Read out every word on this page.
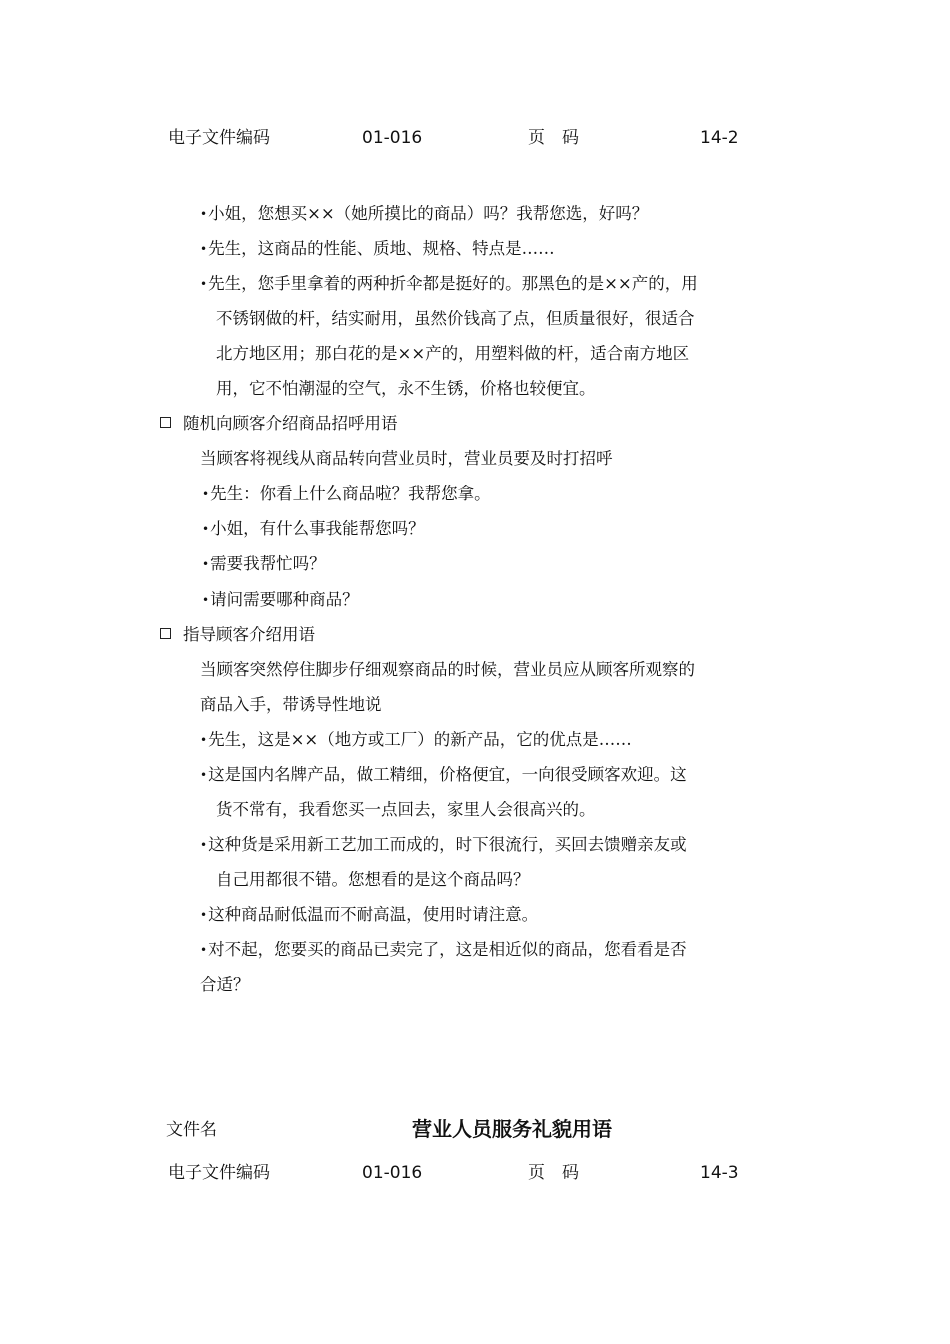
电子文件编码	01-016	页　码	14-2
•小姐，您想买××（她所摸比的商品）吗？我帮您选，好吗？
•先生，这商品的性能、质地、规格、特点是……
•先生，您手里拿着的两种折伞都是挺好的。那黑色的是××产的，用
不锈钢做的杆，结实耐用，虽然价钱高了点，但质量很好，很适合
北方地区用；那白花的是××产的，用塑料做的杆，适合南方地区
用，它不怕潮湿的空气，永不生锈，价格也较便宜。
随机向顾客介绍商品招呼用语
当顾客将视线从商品转向营业员时，营业员要及时打招呼
•先生：你看上什么商品啦？我帮您拿。
•小姐，有什么事我能帮您吗？
•需要我帮忙吗？
•请问需要哪种商品？
指导顾客介绍用语
当顾客突然停住脚步仔细观察商品的时候，营业员应从顾客所观察的
商品入手，带诱导性地说
•先生，这是××（地方或工厂）的新产品，它的优点是……
•这是国内名牌产品，做工精细，价格便宜，一向很受顾客欢迎。这
货不常有，我看您买一点回去，家里人会很高兴的。
•这种货是采用新工艺加工而成的，时下很流行，买回去馈赠亲友或
自己用都很不错。您想看的是这个商品吗？
•这种商品耐低温而不耐高温，使用时请注意。
•对不起，您要买的商品已卖完了，这是相近似的商品，您看看是否
合适？
文件名	营业人员服务礼貌用语
电子文件编码	01-016	页　码	14-3
